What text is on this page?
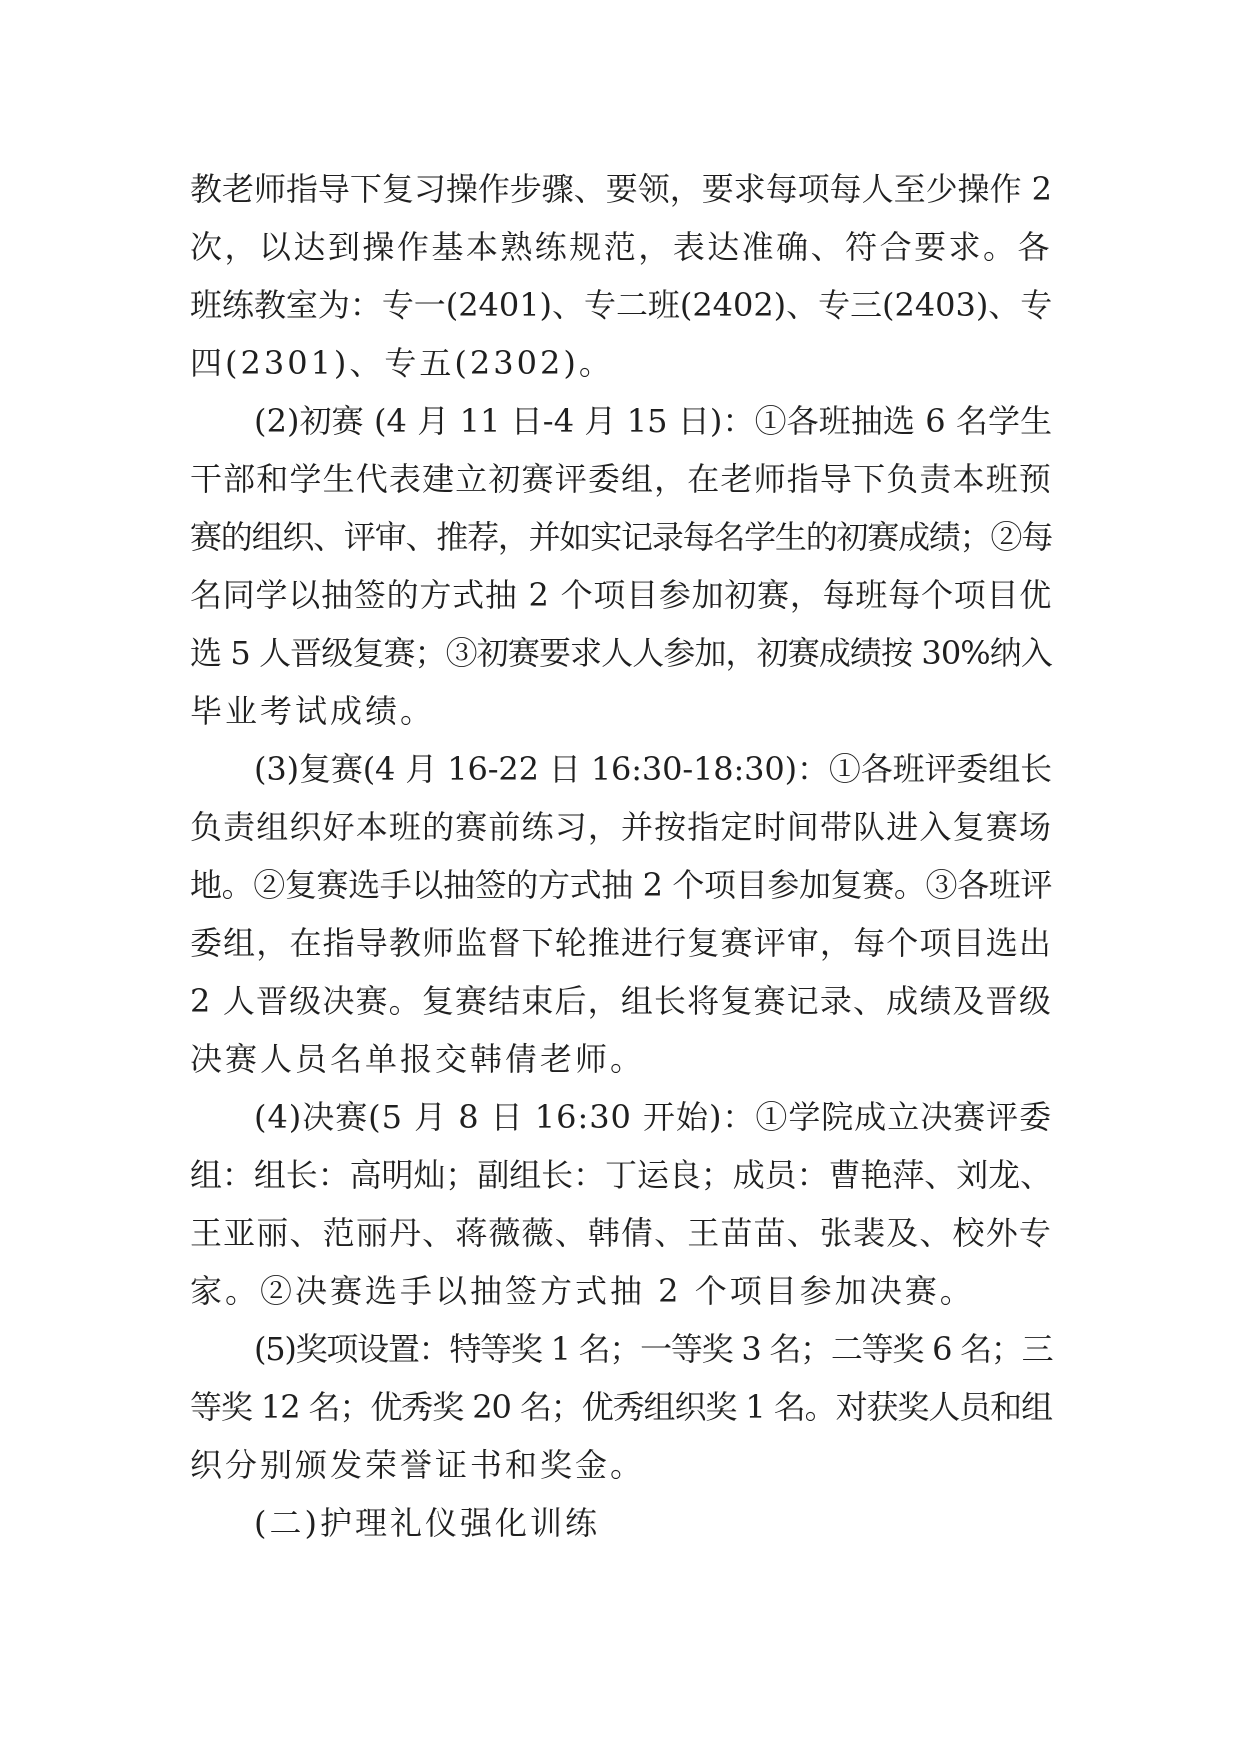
教老师指导下复习操作步骤、要领，要求每项每人至少操作 2
次，以达到操作基本熟练规范，表达准确、符合要求。各
班练教室为：专一(2401)、专二班(2402)、专三(2403)、专
四(2301)、专五(2302)。
(2)初赛 (4 月 11 日-4 月 15 日)：①各班抽选 6 名学生
干部和学生代表建立初赛评委组，在老师指导下负责本班预
赛的组织、评审、推荐，并如实记录每名学生的初赛成绩；②每
名同学以抽签的方式抽 2 个项目参加初赛，每班每个项目优
选 5 人晋级复赛；③初赛要求人人参加，初赛成绩按 30%纳入
毕业考试成绩。
(3)复赛(4 月 16-22 日 16:30-18:30)：①各班评委组长
负责组织好本班的赛前练习，并按指定时间带队进入复赛场
地。②复赛选手以抽签的方式抽 2 个项目参加复赛。③各班评
委组，在指导教师监督下轮推进行复赛评审，每个项目选出
2 人晋级决赛。复赛结束后，组长将复赛记录、成绩及晋级
决赛人员名单报交韩倩老师。
(4)决赛(5 月 8 日 16:30 开始)：①学院成立决赛评委
组：组长：高明灿；副组长：丁运良；成员：曹艳萍、刘龙、
王亚丽、范丽丹、蒋薇薇、韩倩、王苗苗、张裴及、校外专
家。②决赛选手以抽签方式抽 2 个项目参加决赛。
(5)奖项设置：特等奖 1 名；一等奖 3 名；二等奖 6 名；三
等奖 12 名；优秀奖 20 名；优秀组织奖 1 名。对获奖人员和组
织分别颁发荣誉证书和奖金。
(二)护理礼仪强化训练
